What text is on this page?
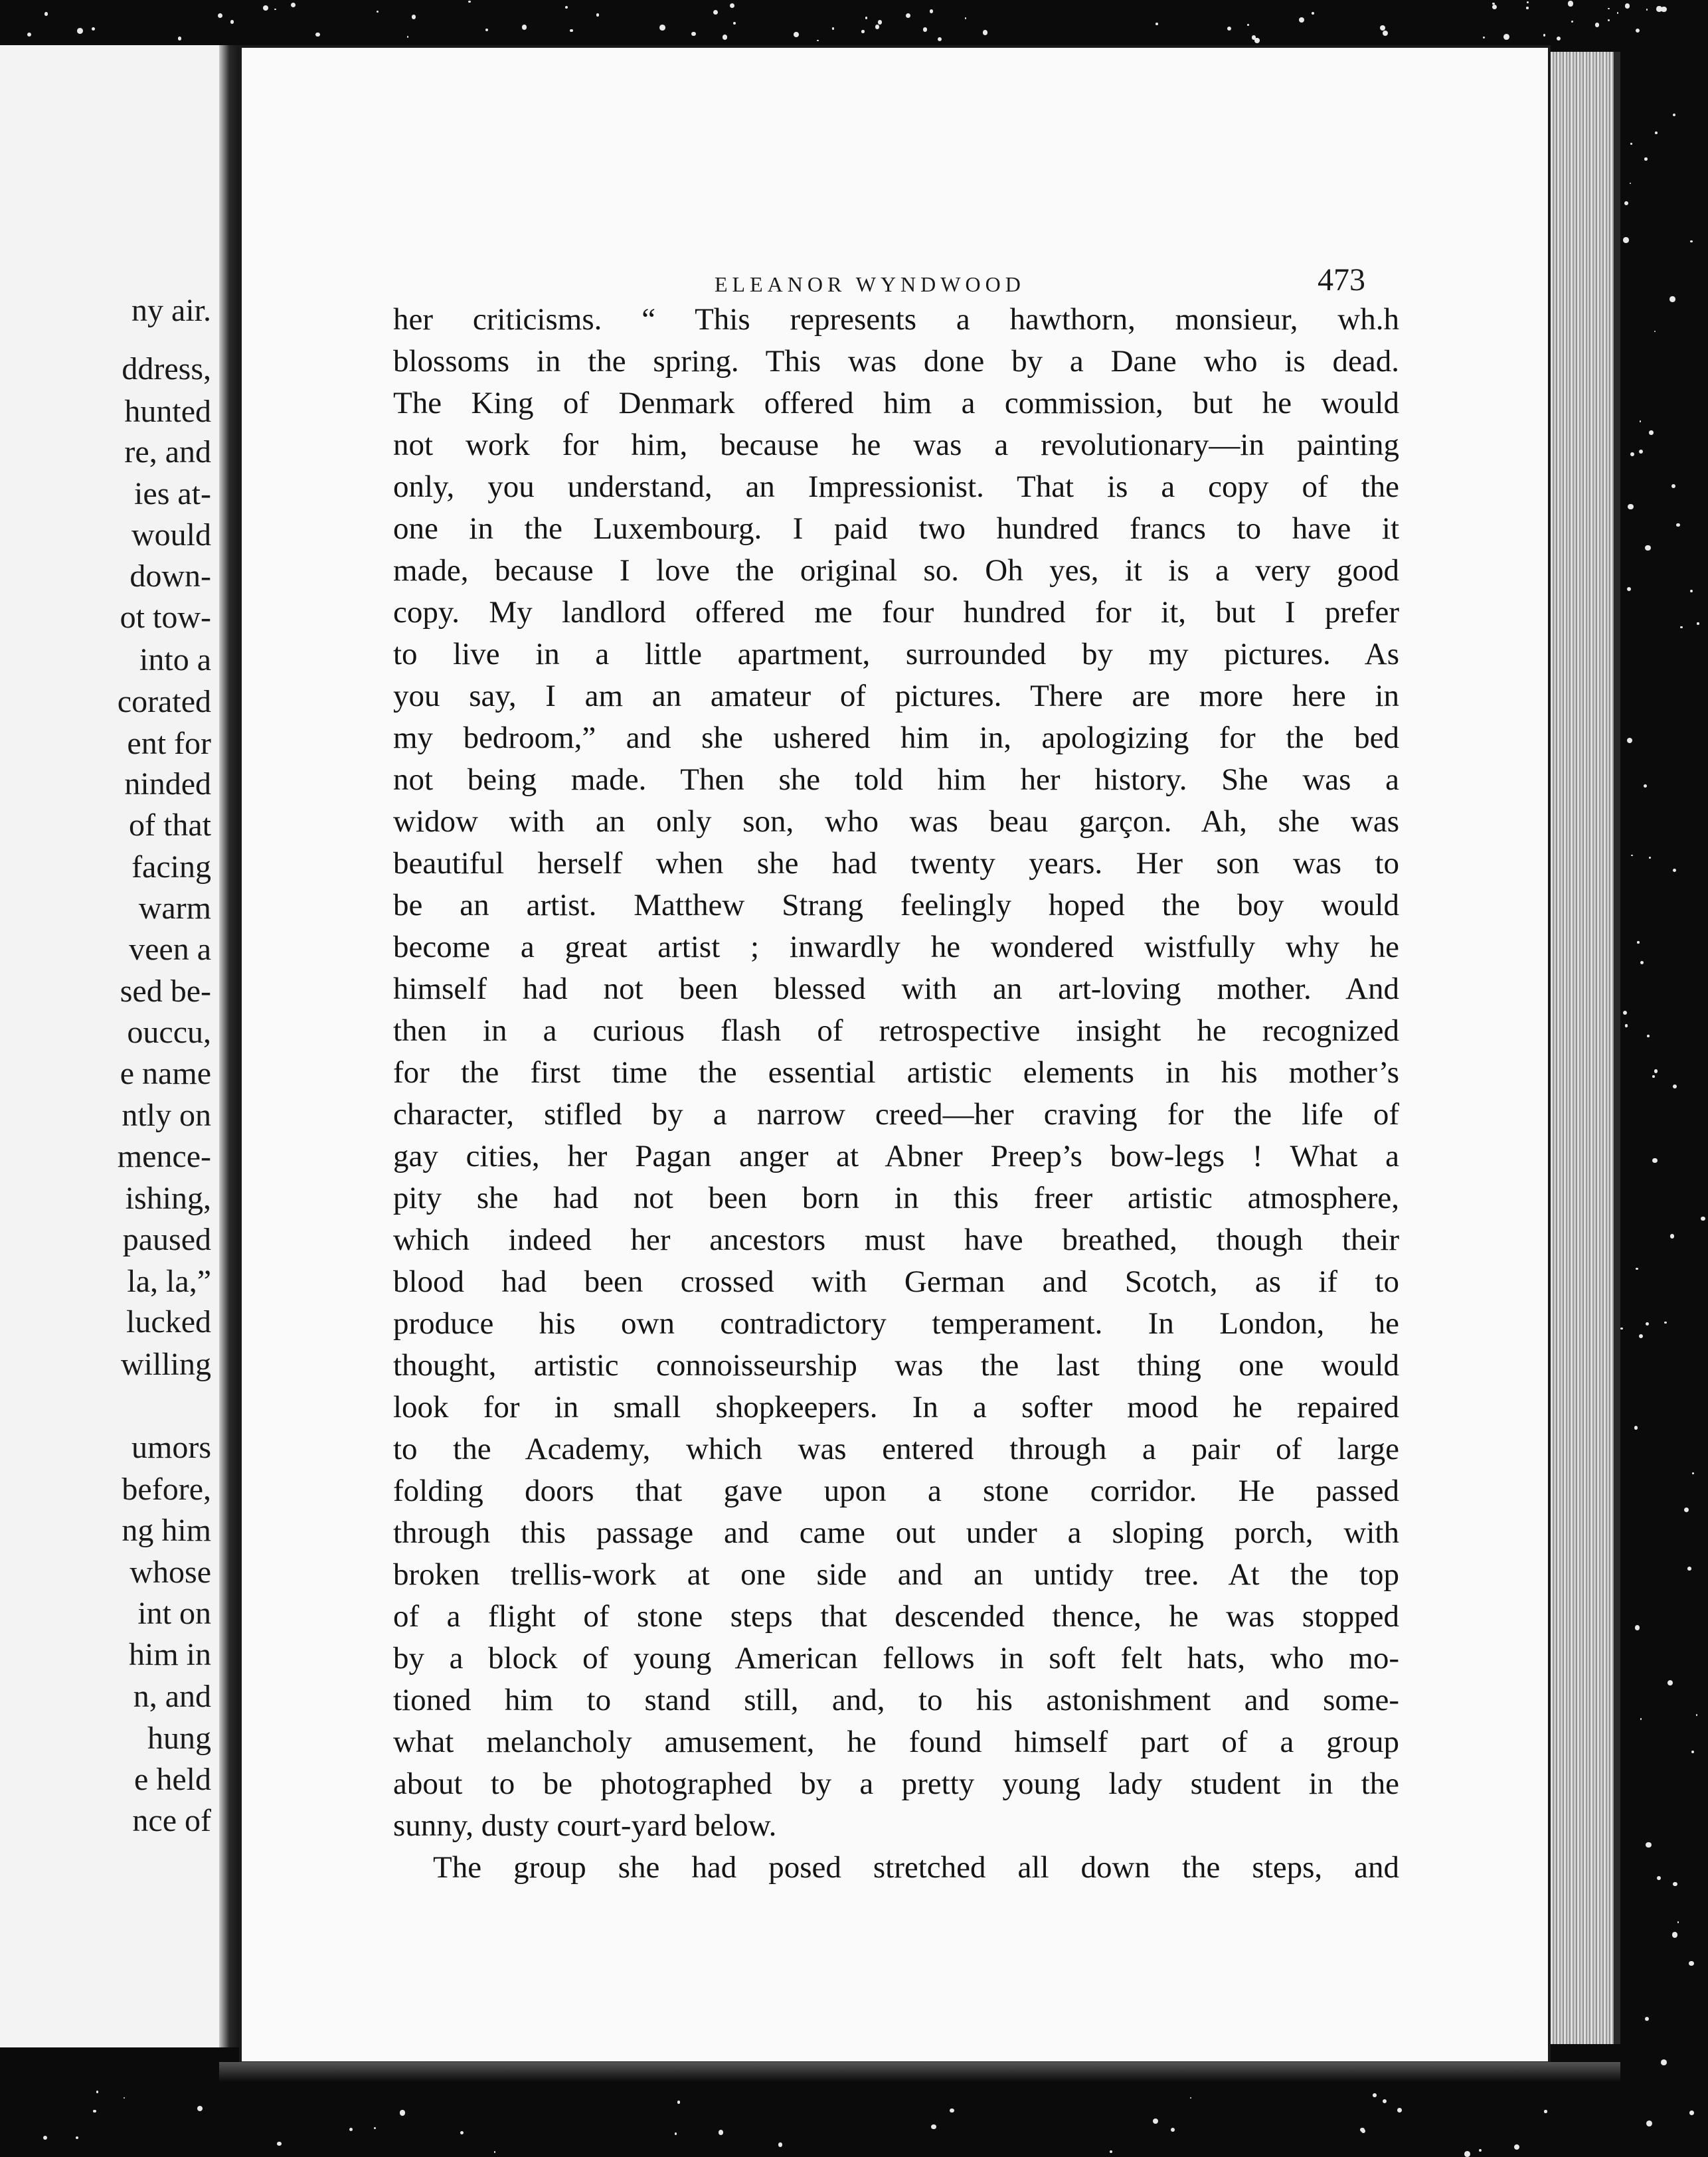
ny air.
ddress,
hunted
re, and
ies at-
would
down-
ot tow-
into a
corated
ent for
ninded
of that
facing
warm
veen a
sed be-
ouccu,
e name
ntly on
mence-
ishing,
paused
la, la,”
lucked
willing
umors
before,
ng him
whose
int on
him in
n, and
hung
e held
nce of
ELEANOR WYNDWOOD	473
her criticisms. “ This represents a hawthorn, monsieur, wh.h
blossoms in the spring. This was done by a Dane who is dead.
The King of Denmark offered him a commission, but he would
not work for him, because he was a revolutionary—in painting
only, you understand, an Impressionist. That is a copy of the
one in the Luxembourg. I paid two hundred francs to have it
made, because I love the original so. Oh yes, it is a very good
copy. My landlord offered me four hundred for it, but I prefer
to live in a little apartment, surrounded by my pictures. As
you say, I am an amateur of pictures. There are more here in
my bedroom,” and she ushered him in, apologizing for the bed
not being made. Then she told him her history. She was a
widow with an only son, who was beau garçon. Ah, she was
beautiful herself when she had twenty years. Her son was to
be an artist. Matthew Strang feelingly hoped the boy would
become a great artist ; inwardly he wondered wistfully why he
himself had not been blessed with an art-loving mother. And
then in a curious flash of retrospective insight he recognized
for the first time the essential artistic elements in his mother’s
character, stifled by a narrow creed—her craving for the life of
gay cities, her Pagan anger at Abner Preep’s bow-legs ! What a
pity she had not been born in this freer artistic atmosphere,
which indeed her ancestors must have breathed, though their
blood had been crossed with German and Scotch, as if to
produce his own contradictory temperament. In London, he
thought, artistic connoisseurship was the last thing one would
look for in small shopkeepers. In a softer mood he repaired
to the Academy, which was entered through a pair of large
folding doors that gave upon a stone corridor. He passed
through this passage and came out under a sloping porch, with
broken trellis-work at one side and an untidy tree. At the top
of a flight of stone steps that descended thence, he was stopped
by a block of young American fellows in soft felt hats, who mo-
tioned him to stand still, and, to his astonishment and some-
what melancholy amusement, he found himself part of a group
about to be photographed by a pretty young lady student in the
sunny, dusty court-yard below.
The group she had posed stretched all down the steps, and
